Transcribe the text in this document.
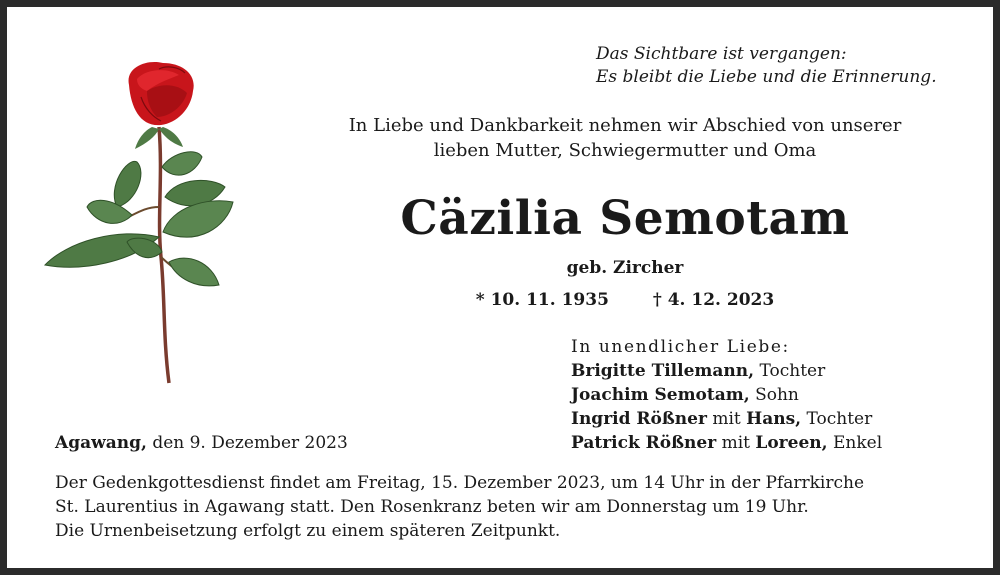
Das Sichtbare ist vergangen:
Es bleibt die Liebe und die Erinnerung.
In Liebe und Dankbarkeit nehmen wir Abschied von unserer
lieben Mutter, Schwiegermutter und Oma
Cäzilia Semotam
geb. Zircher
* 10. 11. 1935	† 4. 12. 2023
In unendlicher Liebe:
Brigitte Tillemann, Tochter
Joachim Semotam, Sohn
Ingrid Rößner mit Hans, Tochter
Patrick Rößner mit Loreen, Enkel
Agawang, den 9. Dezember 2023
Der Gedenkgottesdienst findet am Freitag, 15. Dezember 2023, um 14 Uhr in der Pfarrkirche
St. Laurentius in Agawang statt. Den Rosenkranz beten wir am Donnerstag um 19 Uhr.
Die Urnenbeisetzung erfolgt zu einem späteren Zeitpunkt.
